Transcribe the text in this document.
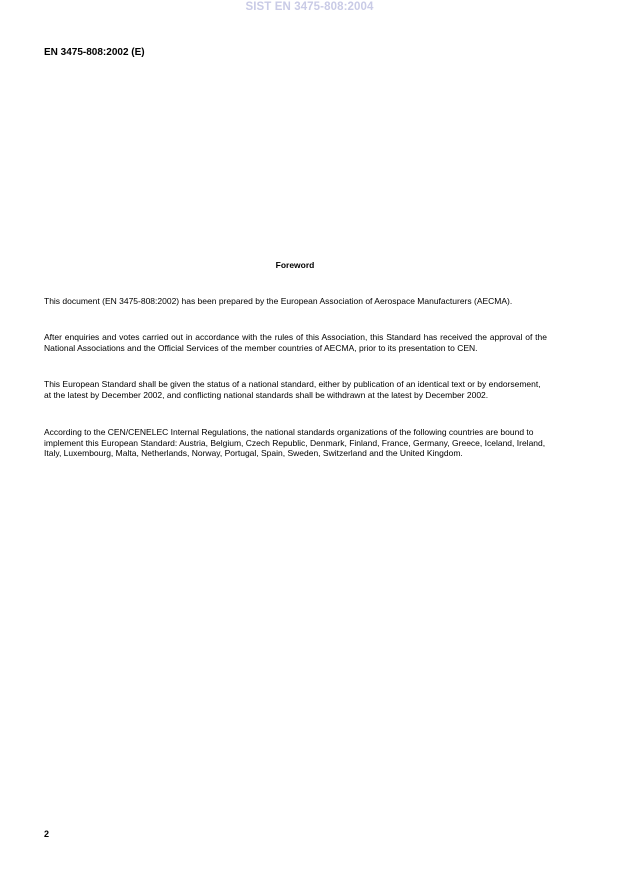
SIST EN 3475-808:2004
EN 3475-808:2002 (E)
Foreword
This document (EN 3475-808:2002) has been prepared by the European Association of Aerospace Manufacturers (AECMA).
After enquiries and votes carried out in accordance with the rules of this Association, this Standard has received the approval of the National Associations and the Official Services of the member countries of AECMA, prior to its presentation to CEN.
This European Standard shall be given the status of a national standard, either by publication of an identical text or by endorsement, at the latest by December 2002, and conflicting national standards shall be withdrawn at the latest by December 2002.
According to the CEN/CENELEC Internal Regulations, the national standards organizations of the following countries are bound to implement this European Standard: Austria, Belgium, Czech Republic, Denmark, Finland, France, Germany, Greece, Iceland, Ireland, Italy, Luxembourg, Malta, Netherlands, Norway, Portugal, Spain, Sweden, Switzerland and the United Kingdom.
2
